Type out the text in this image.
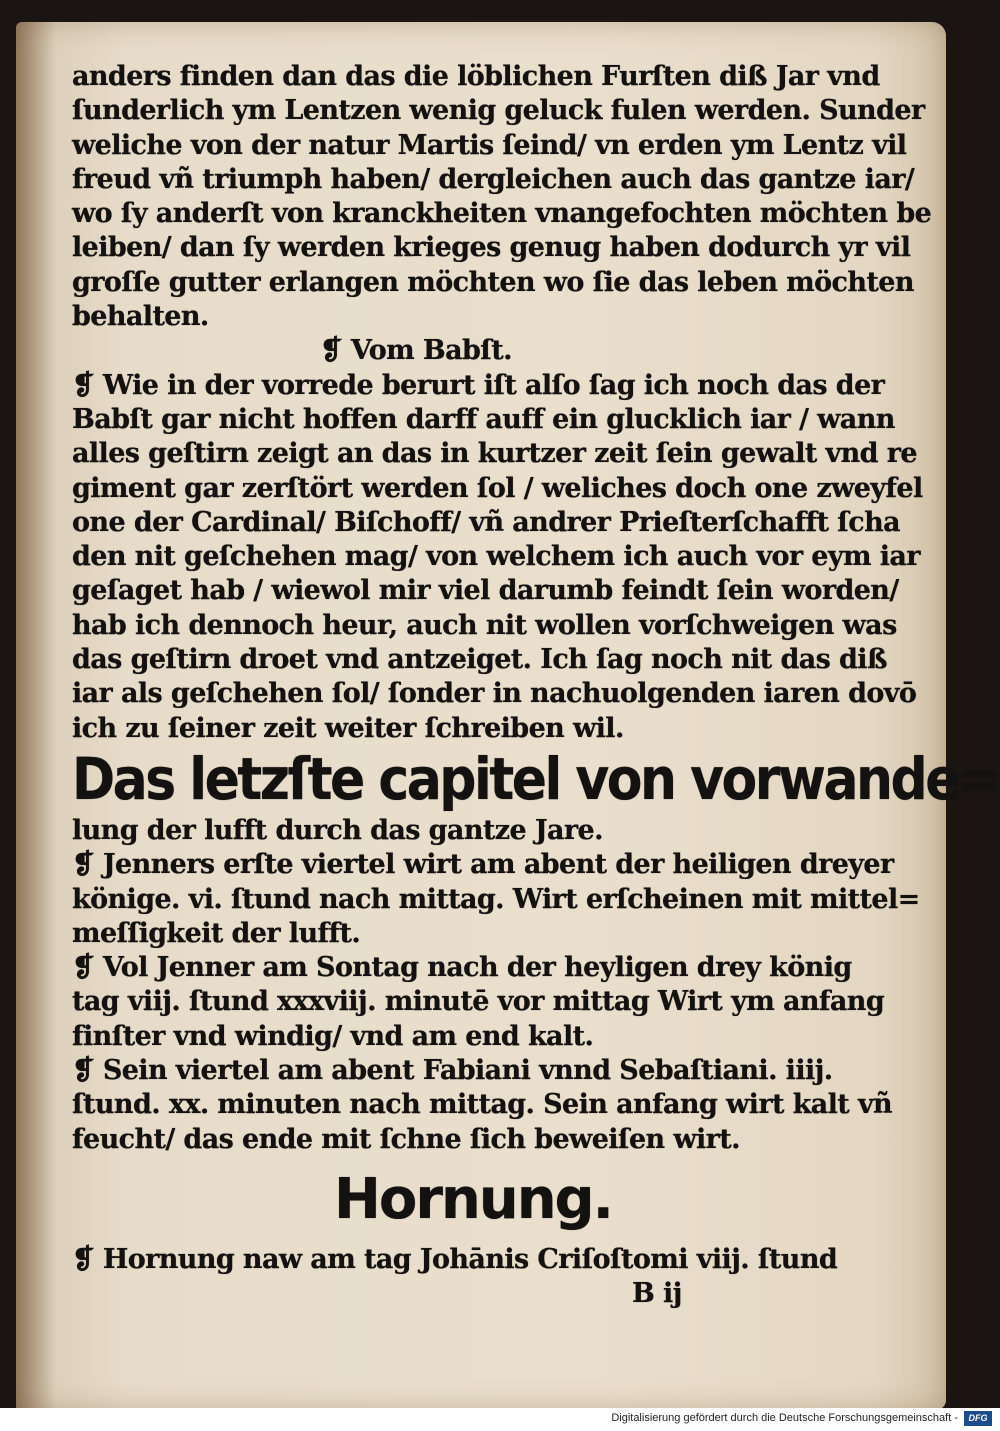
anders finden dan das die löblichen Furſten diß Jar vnd
ſunderlich ym Lentzen wenig geluck fulen werden. Sunder
weliche von der natur Martis ſeind/ vn erden ym Lentz vil
freud vñ triumph haben/ dergleichen auch das gantze iar/
wo ſy anderſt von kranckheiten vnangefochten möchten be
leiben/ dan ſy werden krieges genug haben dodurch yr vil
groſſe gutter erlangen möchten wo ſie das leben möchten
behalten.
❡ Vom Babſt.
❡ Wie in der vorrede berurt iſt alſo ſag ich noch das der
Babſt gar nicht hoffen darff auff ein glucklich iar / wann
alles geſtirn zeigt an das in kurtzer zeit ſein gewalt vnd re
giment gar zerſtört werden ſol / weliches doch one zweyfel
one der Cardinal/ Biſchoff/ vñ andrer Prieſterſchafft ſcha
den nit geſchehen mag/ von welchem ich auch vor eym iar
geſaget hab / wiewol mir viel darumb feindt ſein worden/
hab ich dennoch heur, auch nit wollen vorſchweigen was
das geſtirn droet vnd antzeiget. Ich ſag noch nit das diß
iar als geſchehen ſol/ ſonder in nachuolgenden iaren dovō
ich zu ſeiner zeit weiter ſchreiben wil.
Das letzſte capitel von vorwande=
lung der lufft durch das gantze Jare.
❡ Jenners erſte viertel wirt am abent der heiligen dreyer
könige. vi. ſtund nach mittag. Wirt erſcheinen mit mittel=
meſſigkeit der lufft.
❡ Vol Jenner am Sontag nach der heyligen drey könig
tag viij. ſtund xxxviij. minutē vor mittag Wirt ym anfang
finſter vnd windig/ vnd am end kalt.
❡ Sein viertel am abent Fabiani vnnd Sebaſtiani. iiij.
ſtund. xx. minuten nach mittag. Sein anfang wirt kalt vñ
feucht/ das ende mit ſchne ſich beweiſen wirt.
Hornung.
❡ Hornung naw am tag Johānis Criſoſtomi viij. ſtund
B ij
Digitalisierung gefördert durch die Deutsche Forschungsgemeinschaft -	DFG
